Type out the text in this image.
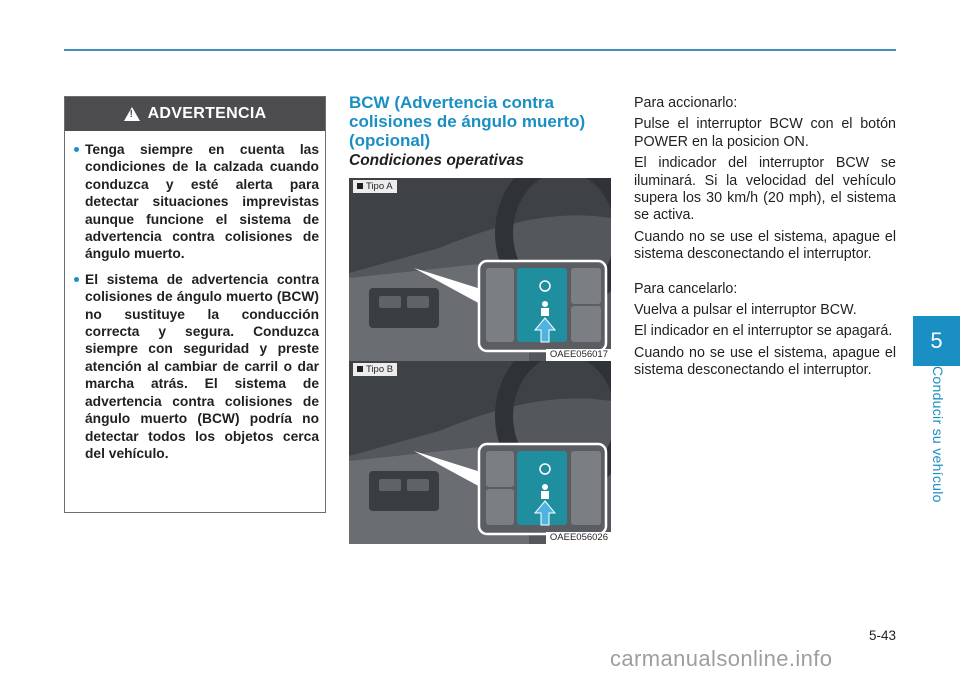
5
Conducir su vehículo
!
ADVERTENCIA
Tenga siempre en cuenta las condiciones de la calzada cuando conduzca y esté alerta para detectar situaciones imprevistas aunque funcione el sistema de advertencia contra colisiones de ángulo muerto.
El sistema de advertencia contra colisiones de ángulo muerto (BCW) no sustituye la conducción correcta y segura. Conduzca siempre con seguridad y preste atención al cambiar de carril o dar marcha atrás. El sistema de advertencia contra colisiones de ángulo muerto (BCW) podría no detectar todos los objetos cerca del vehículo.
BCW (Advertencia contra colisiones de ángulo muerto) (opcional)
Condiciones operativas
Tipo A
OAEE056017
Tipo B
OAEE056026

Para accionarlo:

Pulse el interruptor BCW con el botón POWER en la posicion ON.

El indicador del interruptor BCW se iluminará. Si la velocidad del vehículo supera los 30 km/h (20 mph), el sistema se activa.

Cuando no se use el sistema, apague el sistema desconectando el interruptor.

Para cancelarlo:

Vuelva a pulsar el interruptor BCW.

El indicador en el interruptor se apagará.

Cuando no se use el sistema, apague el sistema desconectando el interruptor.

5-43
carmanualsonline.info
